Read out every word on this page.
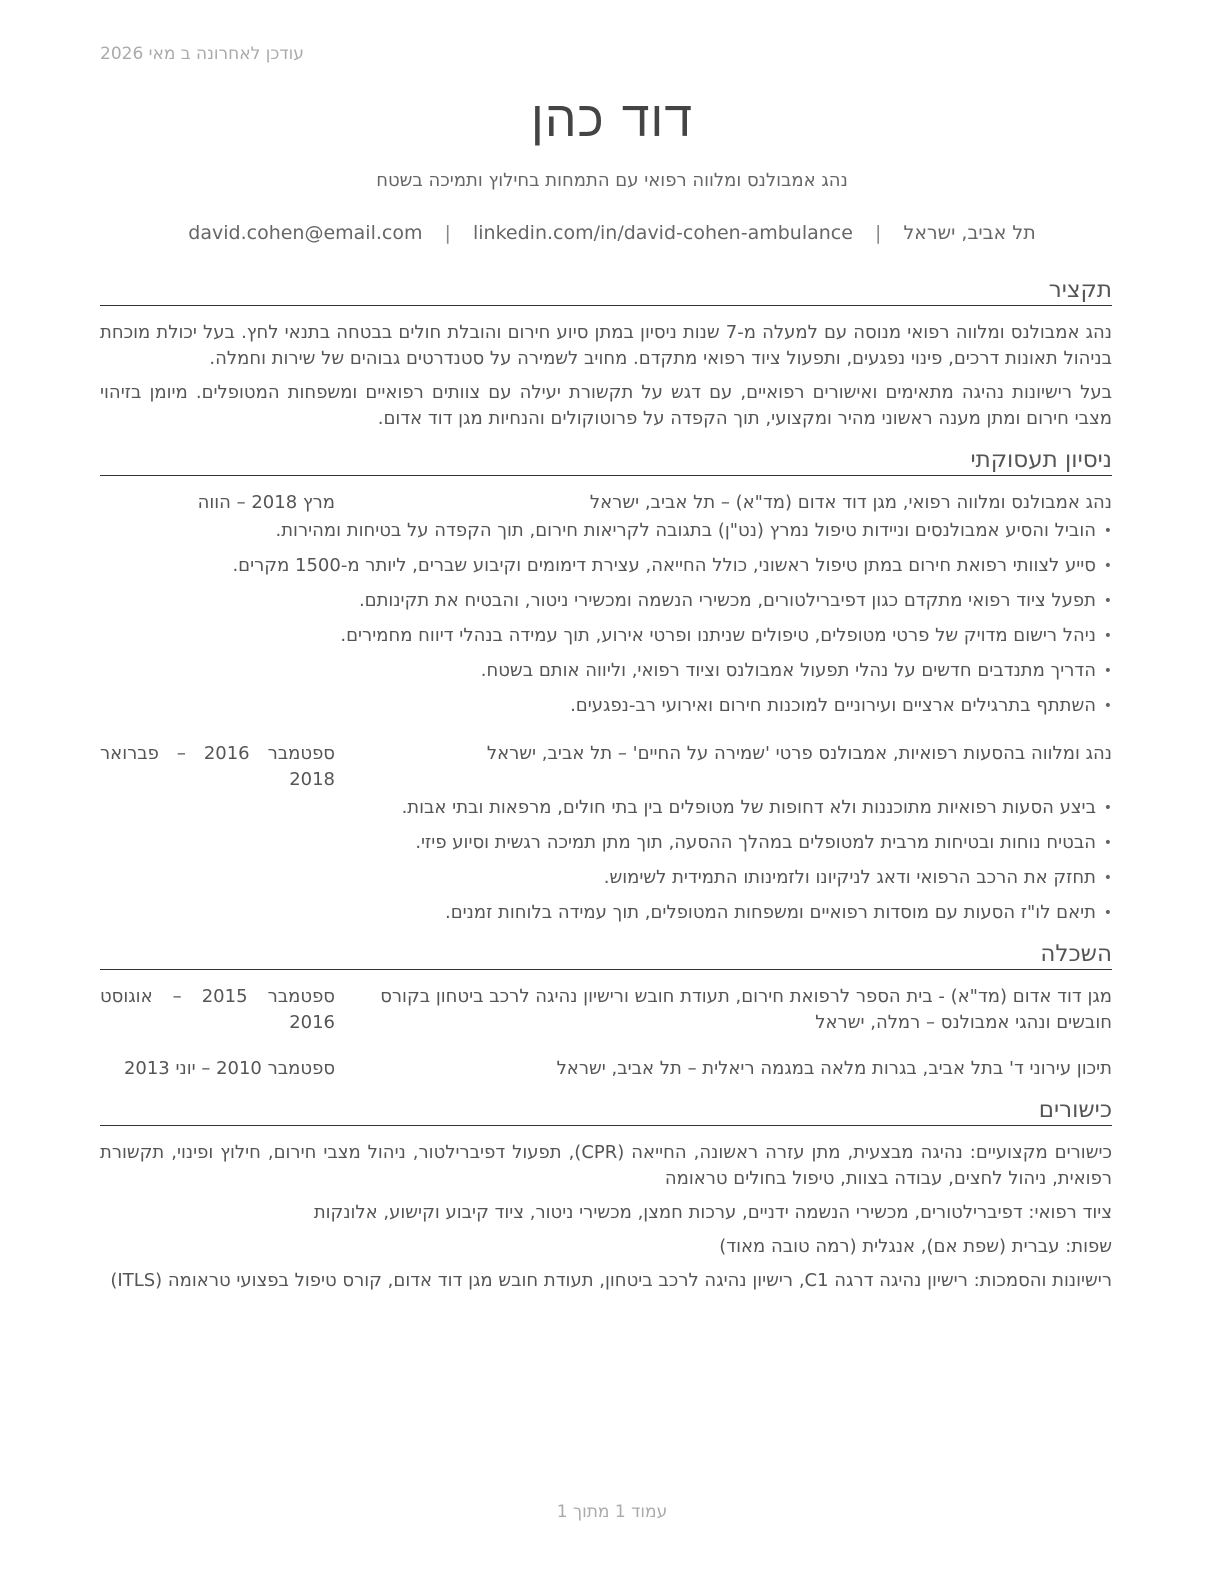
עודכן לאחרונה ב מאי 2026
דוד כהן
נהג אמבולנס ומלווה רפואי עם התמחות בחילוץ ותמיכה בשטח
תל אביב, ישראל | david.cohen@email.com | linkedin.com/in/david-cohen-ambulance
תקציר

נהג אמבולנס ומלווה רפואי מנוסה עם למעלה מ-7 שנות ניסיון במתן סיוע חירום והובלת חולים בבטחה בתנאי לחץ. בעל יכולת מוכחת בניהול תאונות דרכים, פינוי נפגעים, ותפעול ציוד רפואי מתקדם. מחויב לשמירה על סטנדרטים גבוהים של שירות וחמלה.

בעל רישיונות נהיגה מתאימים ואישורים רפואיים, עם דגש על תקשורת יעילה עם צוותים רפואיים ומשפחות המטופלים. מיומן בזיהוי מצבי חירום ומתן מענה ראשוני מהיר ומקצועי, תוך הקפדה על פרוטוקולים והנחיות מגן דוד אדום.

ניסיון תעסוקתי
נהג אמבולנס ומלווה רפואי, מגן דוד אדום (מד"א) – תל אביב, ישראל
מרץ 2018 – הווה
• הוביל והסיע אמבולנסים וניידות טיפול נמרץ (נט"ן) בתגובה לקריאות חירום, תוך הקפדה על בטיחות ומהירות.
• סייע לצוותי רפואת חירום במתן טיפול ראשוני, כולל החייאה, עצירת דימומים וקיבוע שברים, ליותר מ-1500 מקרים.
• תפעל ציוד רפואי מתקדם כגון דפיברילטורים, מכשירי הנשמה ומכשירי ניטור, והבטיח את תקינותם.
• ניהל רישום מדויק של פרטי מטופלים, טיפולים שניתנו ופרטי אירוע, תוך עמידה בנהלי דיווח מחמירים.
• הדריך מתנדבים חדשים על נהלי תפעול אמבולנס וציוד רפואי, וליווה אותם בשטח.
• השתתף בתרגילים ארציים ועירוניים למוכנות חירום ואירועי רב-נפגעים.
נהג ומלווה בהסעות רפואיות, אמבולנס פרטי 'שמירה על החיים' – תל אביב, ישראל
ספטמבר 2016 – פברואר 2018
• ביצע הסעות רפואיות מתוכננות ולא דחופות של מטופלים בין בתי חולים, מרפאות ובתי אבות.
• הבטיח נוחות ובטיחות מרבית למטופלים במהלך ההסעה, תוך מתן תמיכה רגשית וסיוע פיזי.
• תחזק את הרכב הרפואי ודאג לניקיונו ולזמינותו התמידית לשימוש.
• תיאם לו"ז הסעות עם מוסדות רפואיים ומשפחות המטופלים, תוך עמידה בלוחות זמנים.
השכלה
מגן דוד אדום (מד"א) - בית הספר לרפואת חירום, תעודת חובש ורישיון נהיגה לרכב ביטחון בקורס חובשים ונהגי אמבולנס – רמלה, ישראל
ספטמבר 2015 – אוגוסט 2016
תיכון עירוני ד' בתל אביב, בגרות מלאה במגמה ריאלית – תל אביב, ישראל
ספטמבר 2010 – יוני 2013
כישורים
כישורים מקצועיים: נהיגה מבצעית, מתן עזרה ראשונה, החייאה (CPR), תפעול דפיברילטור, ניהול מצבי חירום, חילוץ ופינוי, תקשורת רפואית, ניהול לחצים, עבודה בצוות, טיפול בחולים טראומה
ציוד רפואי: דפיברילטורים, מכשירי הנשמה ידניים, ערכות חמצן, מכשירי ניטור, ציוד קיבוע וקישוע, אלונקות
שפות: עברית (שפת אם), אנגלית (רמה טובה מאוד)
רישיונות והסמכות: רישיון נהיגה דרגה C1, רישיון נהיגה לרכב ביטחון, תעודת חובש מגן דוד אדום, קורס טיפול בפצועי טראומה (ITLS)
עמוד 1 מתוך 1
